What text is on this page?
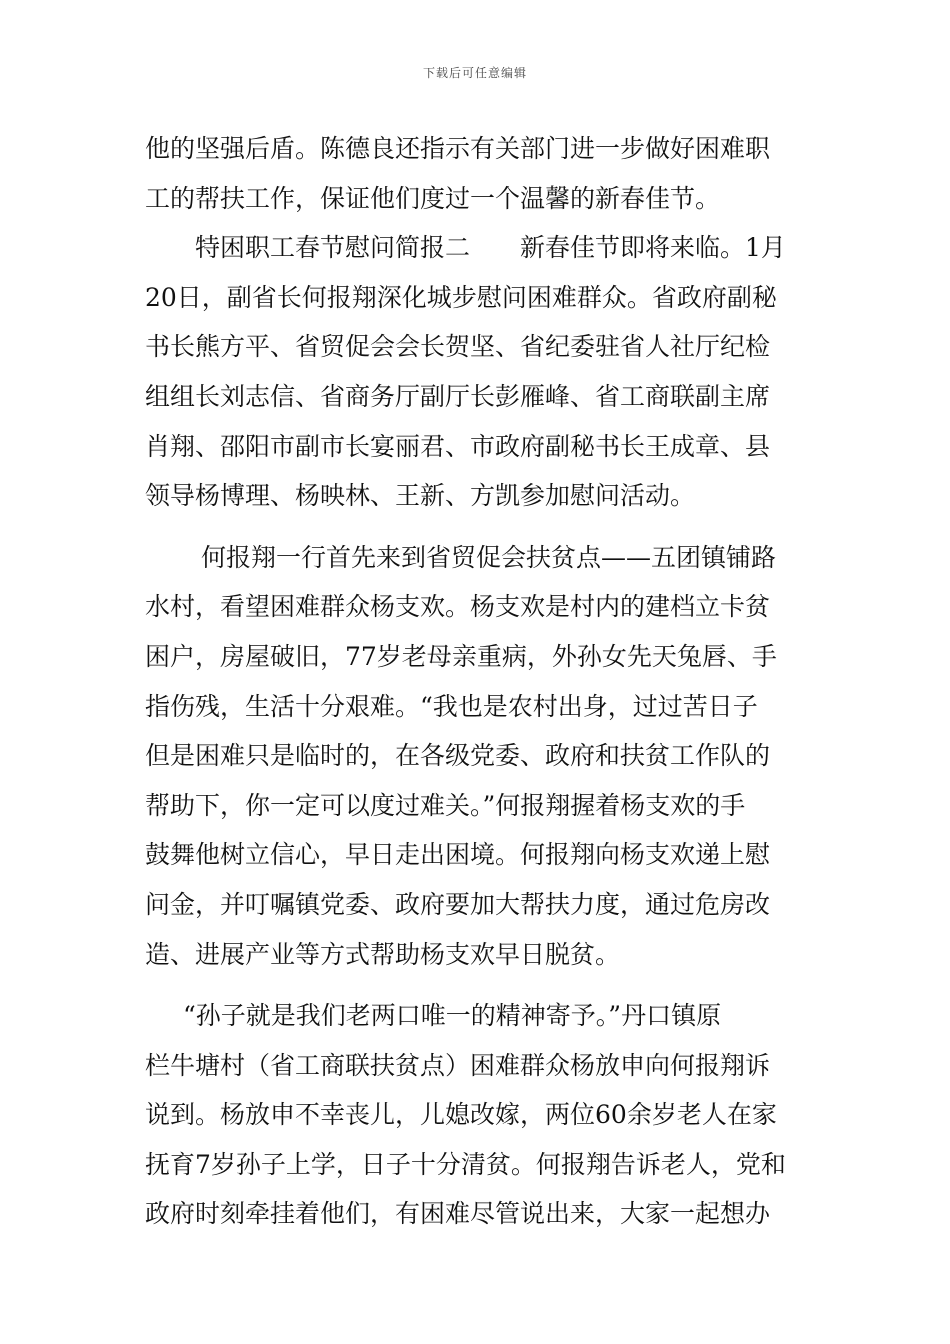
下载后可任意编辑
他的坚强后盾。陈德良还指示有关部门进一步做好困难职
工的帮扶工作，保证他们度过一个温馨的新春佳节。
特困职工春节慰问简报二　　新春佳节即将来临。1月
20日，副省长何报翔深化城步慰问困难群众。省政府副秘
书长熊方平、省贸促会会长贺坚、省纪委驻省人社厅纪检
组组长刘志信、省商务厅副厅长彭雁峰、省工商联副主席
肖翔、邵阳市副市长宴丽君、市政府副秘书长王成章、县
领导杨博理、杨映林、王新、方凯参加慰问活动。
何报翔一行首先来到省贸促会扶贫点——五团镇铺路
水村，看望困难群众杨支欢。杨支欢是村内的建档立卡贫
困户，房屋破旧，77岁老母亲重病，外孙女先天兔唇、手
指伤残，生活十分艰难。“我也是农村出身，过过苦日子
但是困难只是临时的，在各级党委、政府和扶贫工作队的
帮助下，你一定可以度过难关。”何报翔握着杨支欢的手
鼓舞他树立信心，早日走出困境。何报翔向杨支欢递上慰
问金，并叮嘱镇党委、政府要加大帮扶力度，通过危房改
造、进展产业等方式帮助杨支欢早日脱贫。
“孙子就是我们老两口唯一的精神寄予。”丹口镇原
栏牛塘村（省工商联扶贫点）困难群众杨放申向何报翔诉
说到。杨放申不幸丧儿，儿媳改嫁，两位60余岁老人在家
抚育7岁孙子上学，日子十分清贫。何报翔告诉老人，党和
政府时刻牵挂着他们，有困难尽管说出来，大家一起想办
